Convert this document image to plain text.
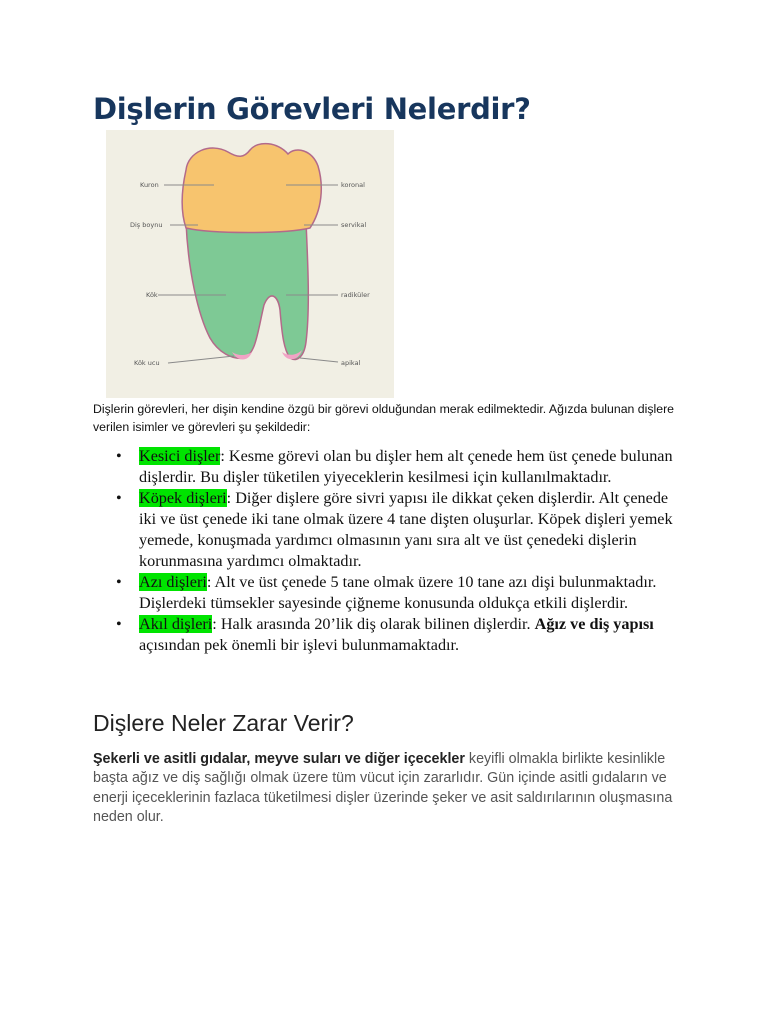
Dişlerin Görevleri Nelerdir?
Kuron
Diş boynu
Kök
Kök ucu
koronal
servikal
radiküler
apikal

Dişlerin görevleri, her dişin kendine özgü bir görevi olduğundan merak edilmektedir. Ağızda bulunan dişlere verilen isimler ve görevleri şu şekildedir:

• Kesici dişler: Kesme görevi olan bu dişler hem alt çenede hem üst çenede bulunan dişlerdir. Bu dişler tüketilen yiyeceklerin kesilmesi için kullanılmaktadır.
• Köpek dişleri: Diğer dişlere göre sivri yapısı ile dikkat çeken dişlerdir. Alt çenede iki ve üst çenede iki tane olmak üzere 4 tane dişten oluşurlar. Köpek dişleri yemek yemede, konuşmada yardımcı olmasının yanı sıra alt ve üst çenedeki dişlerin korunmasına yardımcı olmaktadır.
• Azı dişleri: Alt ve üst çenede 5 tane olmak üzere 10 tane azı dişi bulunmaktadır. Dişlerdeki tümsekler sayesinde çiğneme konusunda oldukça etkili dişlerdir.
• Akıl dişleri: Halk arasında 20’lik diş olarak bilinen dişlerdir. Ağız ve diş yapısı açısından pek önemli bir işlevi bulunmamaktadır.
Dişlere Neler Zarar Verir?

Şekerli ve asitli gıdalar, meyve suları ve diğer içecekler keyifli olmakla birlikte kesinlikle başta ağız ve diş sağlığı olmak üzere tüm vücut için zararlıdır. Gün içinde asitli gıdaların ve enerji içeceklerinin fazlaca tüketilmesi dişler üzerinde şeker ve asit saldırılarının oluşmasına neden olur.
